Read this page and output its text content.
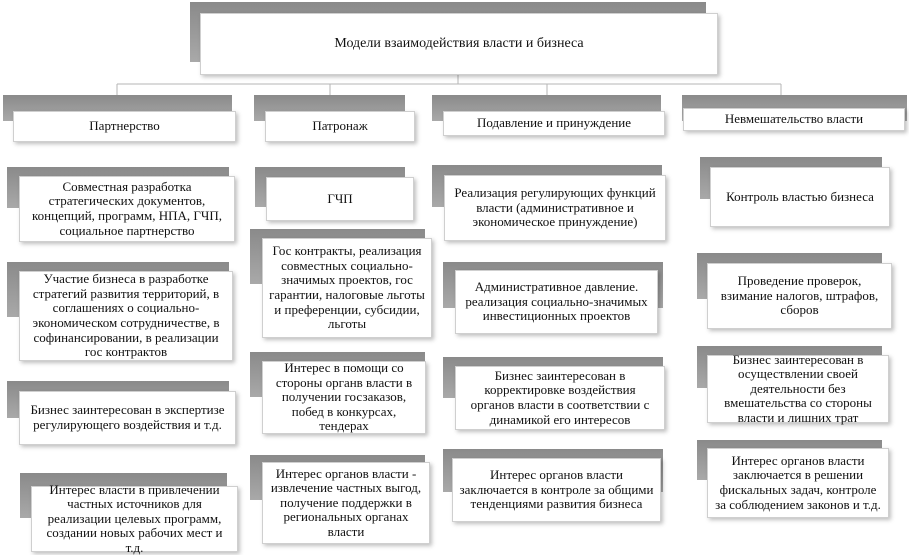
Модели взаимодействия власти и бизнеса
Партнерство	Патронаж	Подавление и принуждение	Невмешательство власти
Совместная разработка стратегических документов, концепций, программ, НПА, ГЧП, социальное партнерство
Участие бизнеса в разработке стратегий развития территорий, в соглашениях о социально-экономическом сотрудничестве, в софинансировании, в реализации гос контрактов
Бизнес заинтересован в экспертизе регулирующего воздействия и т.д.
Интерес власти в привлечении частных источников для реализации целевых программ, создании новых рабочих мест и т.д.
ГЧП
Гос контракты, реализация совместных социально-значимых проектов, гос гарантии, налоговые льготы и преференции, субсидии, льготы
Интерес в помощи со стороны органв власти в получении госзаказов, побед в конкурсах, тендерах
Интерес органов власти - извлечение частных выгод, получение поддержки в региональных органах власти
Реализация регулирующих функций власти (административное и экономическое принуждение)
Административное давление. реализация социально-значимых инвестиционных проектов
Бизнес заинтересован в корректировке воздействия органов власти в соответствии с динамикой его интересов
Интерес органов власти заключается в контроле за общими тенденциями развития бизнеса
Контроль властью бизнеса
Проведение проверок, взимание налогов, штрафов, сборов
Бизнес заинтересован в осуществлении своей деятельности без вмешательства со стороны власти и лишних трат
Интерес органов власти заключается в решении фискальных задач, контроле за соблюдением законов и т.д.
